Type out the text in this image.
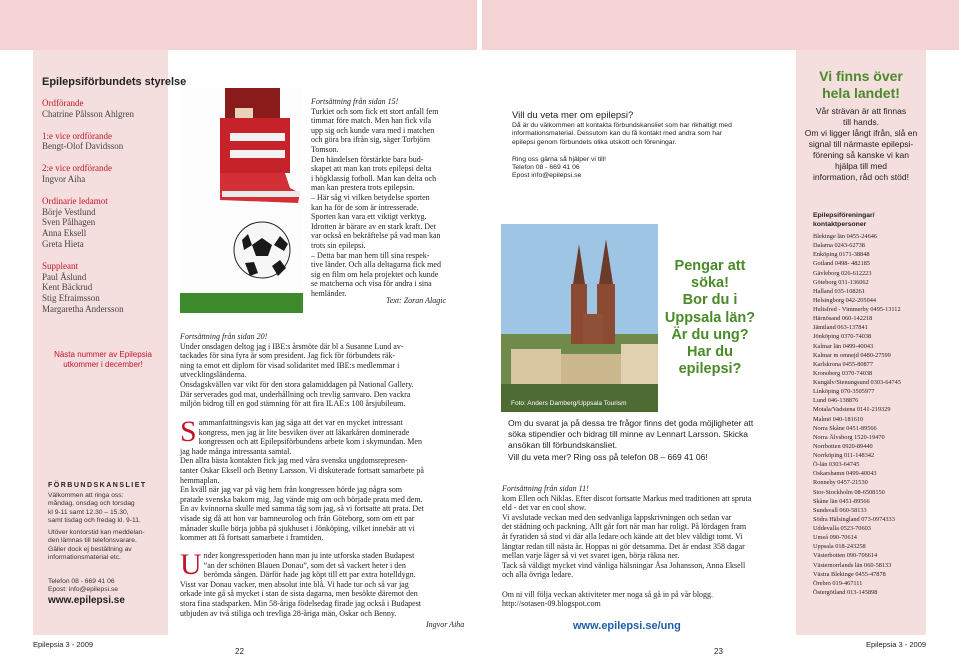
Epilepsiförbundets styrelse
Ordförande
Chatrine Pålsson Ahlgren
1:e vice ordförande
Bengt-Olof Davidsson
2:e vice ordförande
Ingvor Aiha
Ordinarie ledamot
Börje Vestlund
Sven Pålhagen
Anna Eksell
Greta Hieta
Suppleant
Paul Åslund
Kent Bäckrud
Stig Efraimsson
Margaretha Andersson
Nästa nummer av Epilepsia
utkommer i december!
FÖRBUNDSKANSLIET
Välkommen att ringa oss:
måndag, onsdag och torsdag
kl 9-11 samt 12.30 – 15.30,
samt tisdag och fredag kl. 9-11.
Utöver kontorstid kan meddelan-
den lämnas till telefonsvarare.
Gäller dock ej beställning av
informationsmaterial etc.
Telefon 08 - 669 41 06
Epost: info@epilepsi.se
www.epilepsi.se
Fortsättning från sidan 15!
Turkiet och som fick ett stort anfall fem
timmar före match. Men han fick vila
upp sig och kunde vara med i matchen
och göra bra ifrån sig, säger Torbjörn
Tomson.
Den händelsen förstärkte bara bud-
skapet att man kan trots epilepsi delta
i högklassig fotboll. Man kan delta och
man kan prestera trots epilepsin.
– Här såg vi vilken betydelse sporten
kan ha för de som är intresserade.
Sporten kan vara ett viktigt verktyg.
Idrotten är bärare av en stark kraft. Det
var också en bekräftelse på vad man kan
trots sin epilepsi.
– Detta bar man hem till sina respek-
tive länder. Och alla deltagarna fick med
sig en film om hela projektet och kunde
se matcherna och visa för andra i sina
hemländer.
Text: Zoran Alagic
Fortsättning från sidan 20!
Under onsdagen deltog jag i IBE:s årsmöte där bl a Susanne Lund av-
tackades för sina fyra år som president. Jag fick för förbundets räk-
ning ta emot ett diplom för visad solidaritet med IBE:s medlemmar i
utvecklingsländerna.
Onsdagskvällen var vikt för den stora galamiddagen på National Gallery.
Där serverades god mat, underhållning och trevlig samvaro. Den vackra
miljön bidrog till en god stämning för att fira ILAE:s 100 årsjubileum.
S ammanfattningsvis kan jag säga att det var en mycket intressant
kongress, men jag är lite besviken över att läkarkåren dominerade
kongressen och att Epilepsiförbundens arbete kom i skymundan. Men
jag hade många intressanta samtal.
Den allra bästa kontakten fick jag med våra svenska ungdomsrepresen-
tanter Oskar Eksell och Benny Larsson. Vi diskuterade fortsatt samarbete på
hemmaplan.
En kväll när jag var på väg hem från kongressen hörde jag några som
pratade svenska bakom mig. Jag vände mig om och började prata med dem.
En av kvinnorna skulle med samma tåg som jag, så vi fortsatte att prata. Det
visade sig då att hon var barnneurolog och från Göteborg, som om ett par
månader skulle börja jobba på sjukhuset i Jönköping, vilket innebär att vi
kommer att få fortsatt samarbete i framtiden.
U nder kongressperioden hann man ju inte utforska staden Budapest
”an der schönen Blauen Donau”, som det så vackert heter i den
berömda sången. Därför hade jag köpt till ett par extra hotelldygn.
Visst var Donau vacker, men absolut inte blå. Vi hade tur och så var jag
orkade inte gå så mycket i stan de sista dagarna, men besökte däremot den
stora fina stadsparken. Min 58-åriga födelsedag firade jag också i Budapest
utbjuden av två stiliga och trevliga 28-åriga män, Oskar och Benny.
Ingvor Aiha
Epilepsia 3 - 2009
22
Vill du veta mer om epilepsi?
Då är du välkommen att kontakta förbundskansliet som har rikhaltigt med
informationsmaterial. Dessutom kan du få kontakt med andra som har
epilepsi genom förbundets olika utskott och föreningar.

Ring oss gärna så hjälper vi till!
Telefon 08 - 669 41 06
Epost info@epilepsi.se
Foto: Anders Damberg/Uppsala Tourism
Pengar att
söka!
Bor du i
Uppsala län?
Är du ung?
Har du
epilepsi?
Om du svarat ja på dessa tre frågor finns det goda möjligheter att
söka stipendier och bidrag till minne av Lennart Larsson. Skicka
ansökan till förbundskansliet.
Vill du veta mer? Ring oss på telefon 08 – 669 41 06!
Fortsättning från sidan 11!
kom Ellen och Niklas. Efter discot fortsatte Markus med traditionen att spruta
eld - det var en cool show.
Vi avslutade veckan med den sedvanliga lappskrivningen och sedan var
det städning och packning. Allt går fort när man har roligt. På lördagen fram
åt fyratiden så stod vi där alla ledare och kände att det blev väldigt tomt. Vi
längtar redan till nästa år. Hoppas ni gör detsamma. Det är endast 358 dagar
mellan varje läger så vi vet svaret igen, börja räkna ner.
Tack så väldigt mycket vind vänliga hälsningar Åsa Johansson, Anna Eksell
och alla övriga ledare.

Om ni vill följa veckan aktiviteter mer noga så gå in på vår blogg.
http://sotasen-09.blogspot.com
www.epilepsi.se/ung
Vi finns över
hela landet!
Vår strävan är att finnas
till hands.
Om vi ligger långt ifrån, slå en
signal till närmaste epilepsi-
förening så kanske vi kan
hjälpa till med
information, råd och stöd!
Epilepsiföreningar/
kontaktpersoner
Blekinge län 0455-24646
Dalarna 0243-62738
Enköping 0171-38848
Gotland 0498- 482185
Gävleborg 026-612223
Göteborg 031-136062
Halland 035-108261
Helsingborg 042-205044
Hultsfred - Vimmerby 0495-13112
Härnösand 060-142218
Jämtland 063-137841
Jönköping 0370-74038
Kalmar län 0499-40043
Kalmar m omnejd 0480-27599
Karlskrona 0455-80877
Kronoberg 0370-74038
Kungälv/Stenungsund 0303-64745
Linköping 070-3505977
Lund 046-138876
Motala/Vadstena 0141-219329
Malmö 040-181610
Norra Skåne 0451-89566
Norra Älvsborg 1520-19470
Norrbotten 0920-89440
Norrköping 011-148342
Ö-län 0303-64745
Oskarshamn 0499-40043
Ronneby 0457-21530
Stor-Stockholm 08-6508150
Skåne län 0451-89566
Sundsvall 060-58133
Södra Hälsingland 073-0974333
Uddevalla 0523-70603
Umeå 090-70614
Uppsala 018-243258
Västerbotten 090-706614
Västernorrlands län 060-58133
Västra Blekinge 0455-47878
Örebro 019-467111
Östergötland 013-145898
23
Epilepsia 3 - 2009
